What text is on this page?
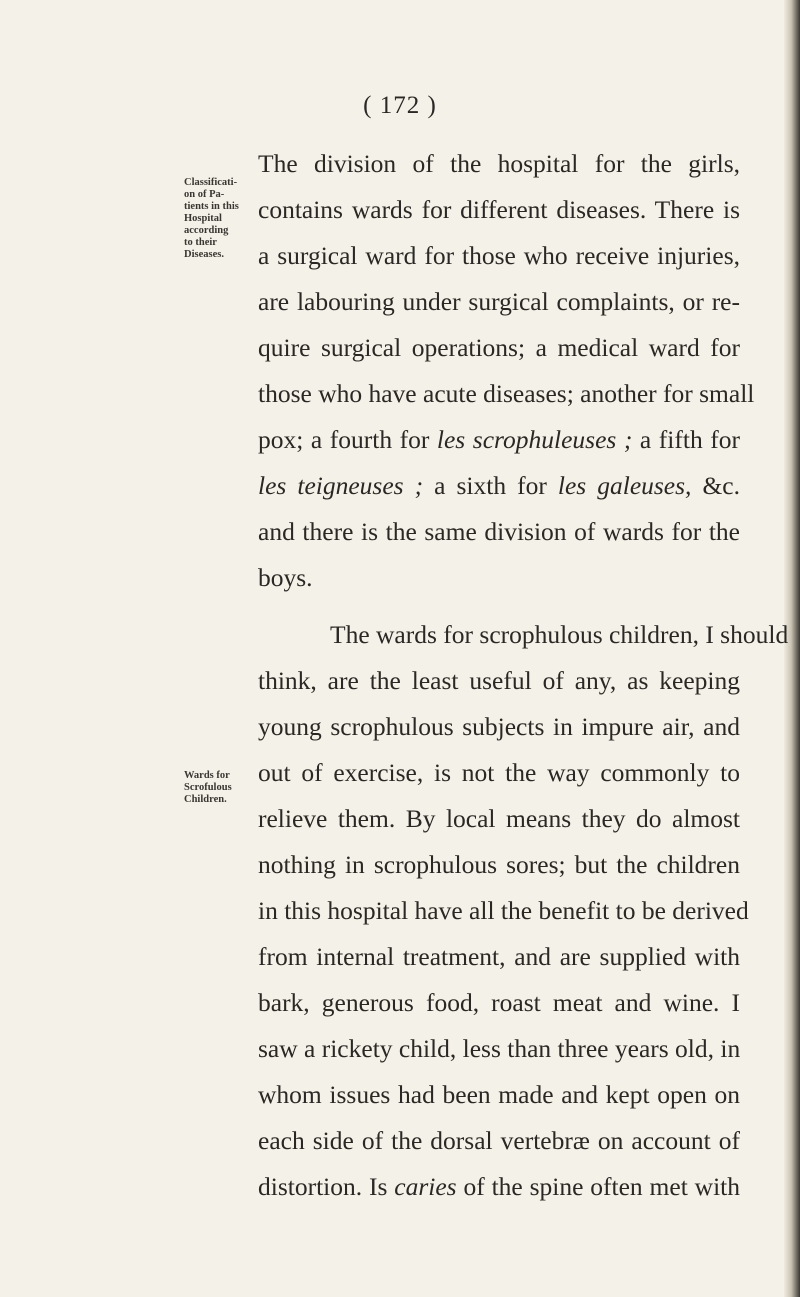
( 172 )
Classificati-
on of Pa-
tients in this
Hospital
according
to their
Diseases.
Wards for
Scrofulous
Children.
The division of the hospital for the girls,
contains wards for different diseases. There is
a surgical ward for those who receive injuries,
are labouring under surgical complaints, or re-
quire surgical operations; a medical ward for
those who have acute diseases; another for small
pox; a fourth for les scrophuleuses ; a fifth for
les teigneuses ; a sixth for les galeuses, &c.
and there is the same division of wards for the
boys.
The wards for scrophulous children, I should
think, are the least useful of any, as keeping
young scrophulous subjects in impure air, and
out of exercise, is not the way commonly to
relieve them. By local means they do almost
nothing in scrophulous sores; but the children
in this hospital have all the benefit to be derived
from internal treatment, and are supplied with
bark, generous food, roast meat and wine. I
saw a rickety child, less than three years old, in
whom issues had been made and kept open on
each side of the dorsal vertebræ on account of
distortion. Is caries of the spine often met with
